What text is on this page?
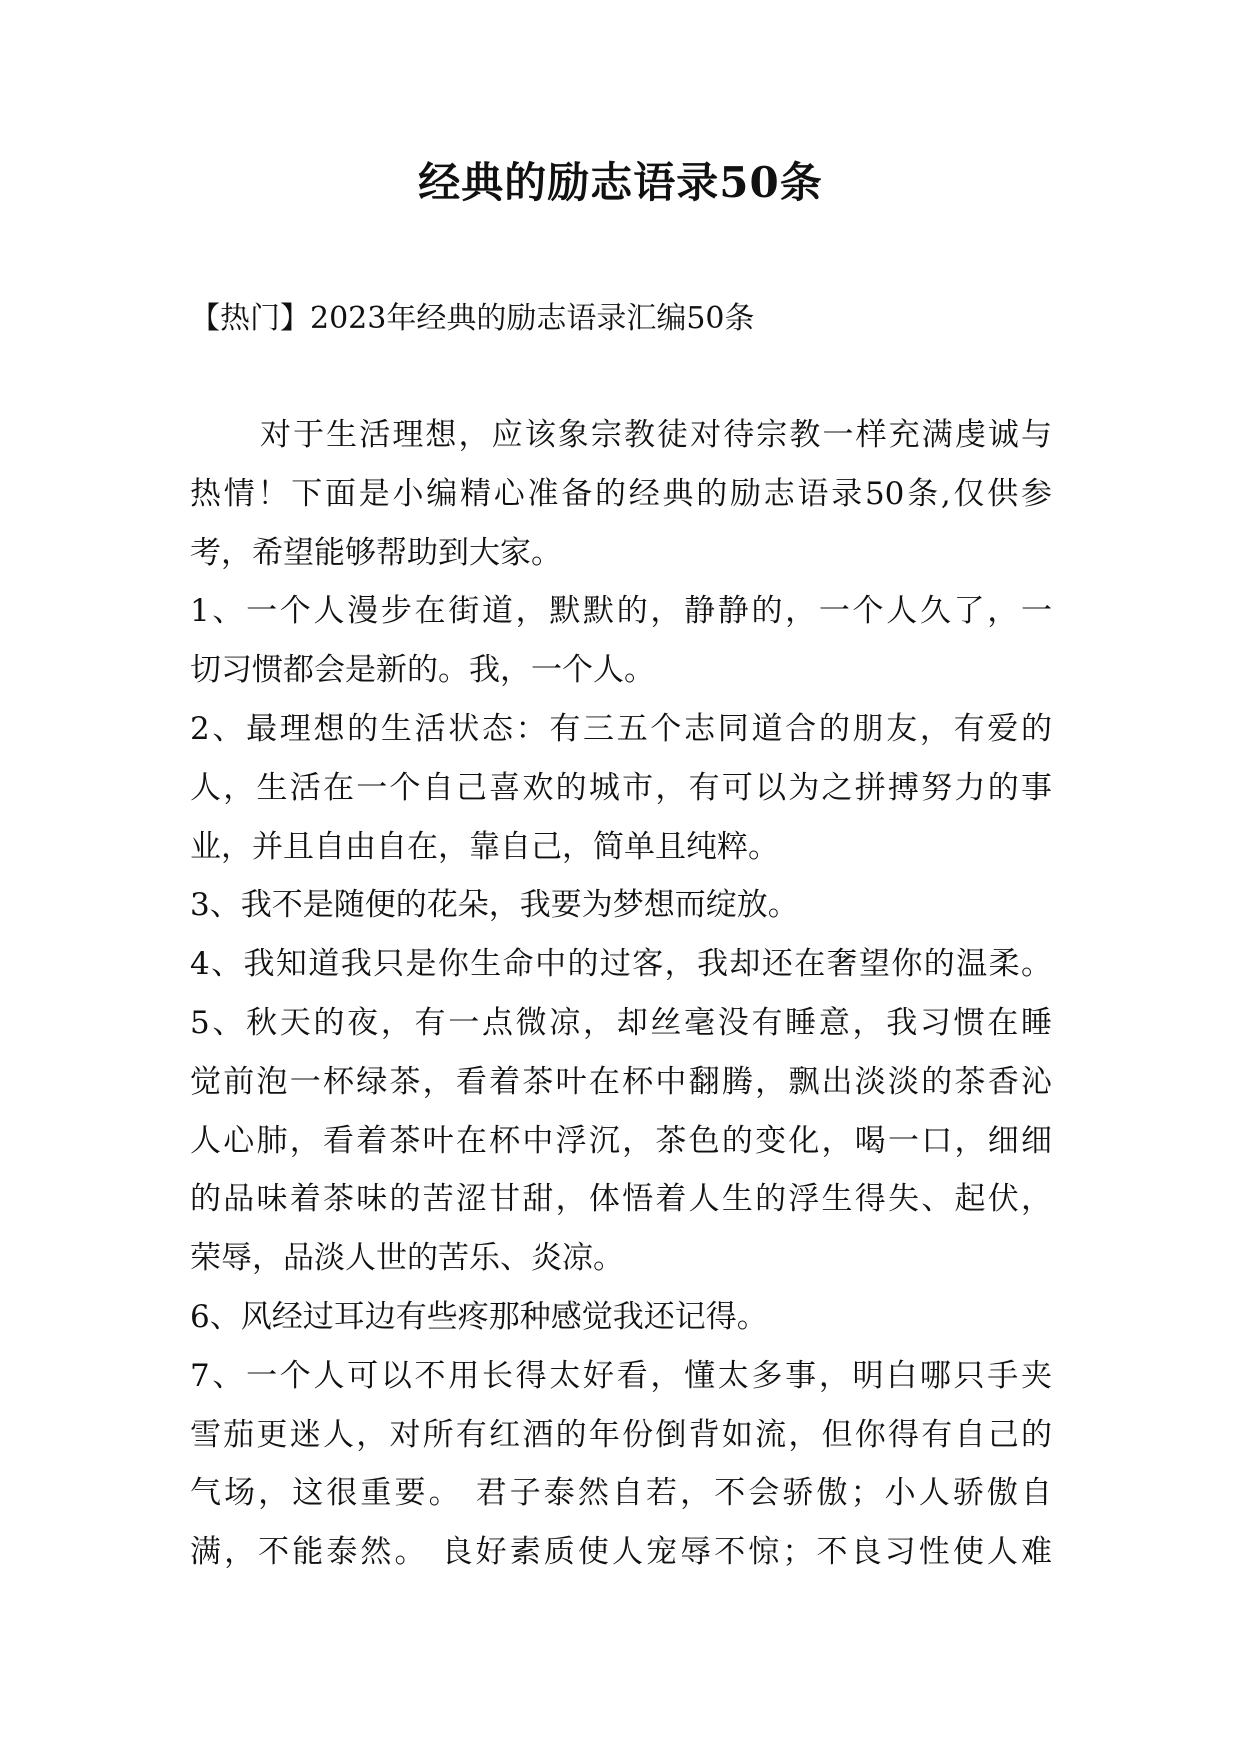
经典的励志语录50条
【热门】2023年经典的励志语录汇编50条
对于生活理想，应该象宗教徒对待宗教一样充满虔诚与
热情！下面是小编精心准备的经典的励志语录50条,仅供参
考，希望能够帮助到大家。
1、一个人漫步在街道，默默的，静静的，一个人久了，一
切习惯都会是新的。我，一个人。
2、最理想的生活状态：有三五个志同道合的朋友，有爱的
人，生活在一个自己喜欢的城市，有可以为之拼搏努力的事
业，并且自由自在，靠自己，简单且纯粹。
3、我不是随便的花朵，我要为梦想而绽放。
4、我知道我只是你生命中的过客，我却还在奢望你的温柔。
5、秋天的夜，有一点微凉，却丝毫没有睡意，我习惯在睡
觉前泡一杯绿茶，看着茶叶在杯中翻腾，飘出淡淡的茶香沁
人心肺，看着茶叶在杯中浮沉，茶色的变化，喝一口，细细
的品味着茶味的苦涩甘甜，体悟着人生的浮生得失、起伏，
荣辱，品淡人世的苦乐、炎凉。
6、风经过耳边有些疼那种感觉我还记得。
7、一个人可以不用长得太好看，懂太多事，明白哪只手夹
雪茄更迷人，对所有红酒的年份倒背如流，但你得有自己的
气场，这很重要。 君子泰然自若，不会骄傲；小人骄傲自
满，不能泰然。 良好素质使人宠辱不惊；不良习性使人难
